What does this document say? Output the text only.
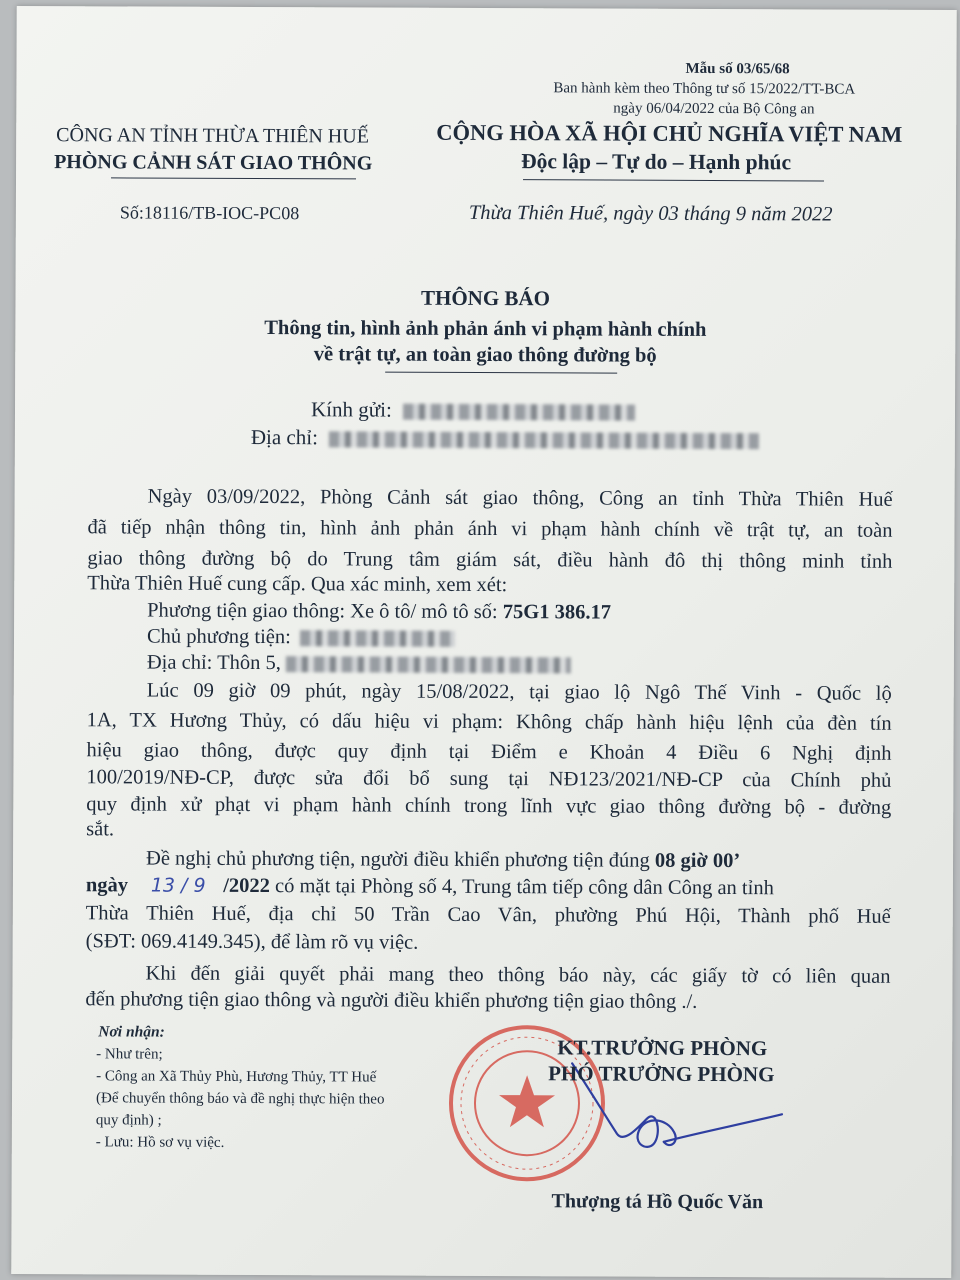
Mẫu số 03/65/68
Ban hành kèm theo Thông tư số 15/2022/TT-BCA
ngày 06/04/2022 của Bộ Công an
CÔNG AN TỈNH THỪA THIÊN HUẾ
PHÒNG CẢNH SÁT GIAO THÔNG
Số:18116/TB-IOC-PC08
CỘNG HÒA XÃ HỘI CHỦ NGHĨA VIỆT NAM
Độc lập – Tự do – Hạnh phúc
Thừa Thiên Huế, ngày 03 tháng 9 năm 2022
THÔNG BÁO
Thông tin, hình ảnh phản ánh vi phạm hành chính
về trật tự, an toàn giao thông đường bộ
Kính gửi:
Địa chỉ:
Ngày 03/09/2022, Phòng Cảnh sát giao thông, Công an tỉnh Thừa Thiên Huế
đã tiếp nhận thông tin, hình ảnh phản ánh vi phạm hành chính về trật tự, an toàn
giao thông đường bộ do Trung tâm giám sát, điều hành đô thị thông minh tỉnh
Thừa Thiên Huế cung cấp. Qua xác minh, xem xét:
Phương tiện giao thông: Xe ô tô/ mô tô số: 75G1 386.17
Chủ phương tiện:
Địa chỉ: Thôn 5,
Lúc 09 giờ 09 phút, ngày 15/08/2022, tại giao lộ Ngô Thế Vinh - Quốc lộ
1A, TX Hương Thủy, có dấu hiệu vi phạm: Không chấp hành hiệu lệnh của đèn tín
hiệu giao thông, được quy định tại Điểm e Khoản 4 Điều 6 Nghị định
100/2019/NĐ-CP, được sửa đổi bổ sung tại NĐ123/2021/NĐ-CP của Chính phủ
quy định xử phạt vi phạm hành chính trong lĩnh vực giao thông đường bộ - đường
sắt.
Đề nghị chủ phương tiện, người điều khiển phương tiện đúng 08 giờ 00’
ngày 13 / 9 /2022 có mặt tại Phòng số 4, Trung tâm tiếp công dân Công an tỉnh
Thừa Thiên Huế, địa chỉ 50 Trần Cao Vân, phường Phú Hội, Thành phố Huế
(SĐT: 069.4149.345), để làm rõ vụ việc.
Khi đến giải quyết phải mang theo thông báo này, các giấy tờ có liên quan
đến phương tiện giao thông và người điều khiển phương tiện giao thông ./.
Nơi nhận:
- Như trên;
- Công an Xã Thủy Phù, Hương Thủy, TT Huế
(Để chuyển thông báo và đề nghị thực hiện theo
quy định) ;
- Lưu: Hồ sơ vụ việc.
KT.TRƯỞNG PHÒNG
PHÓ TRƯỞNG PHÒNG
Thượng tá Hồ Quốc Văn
